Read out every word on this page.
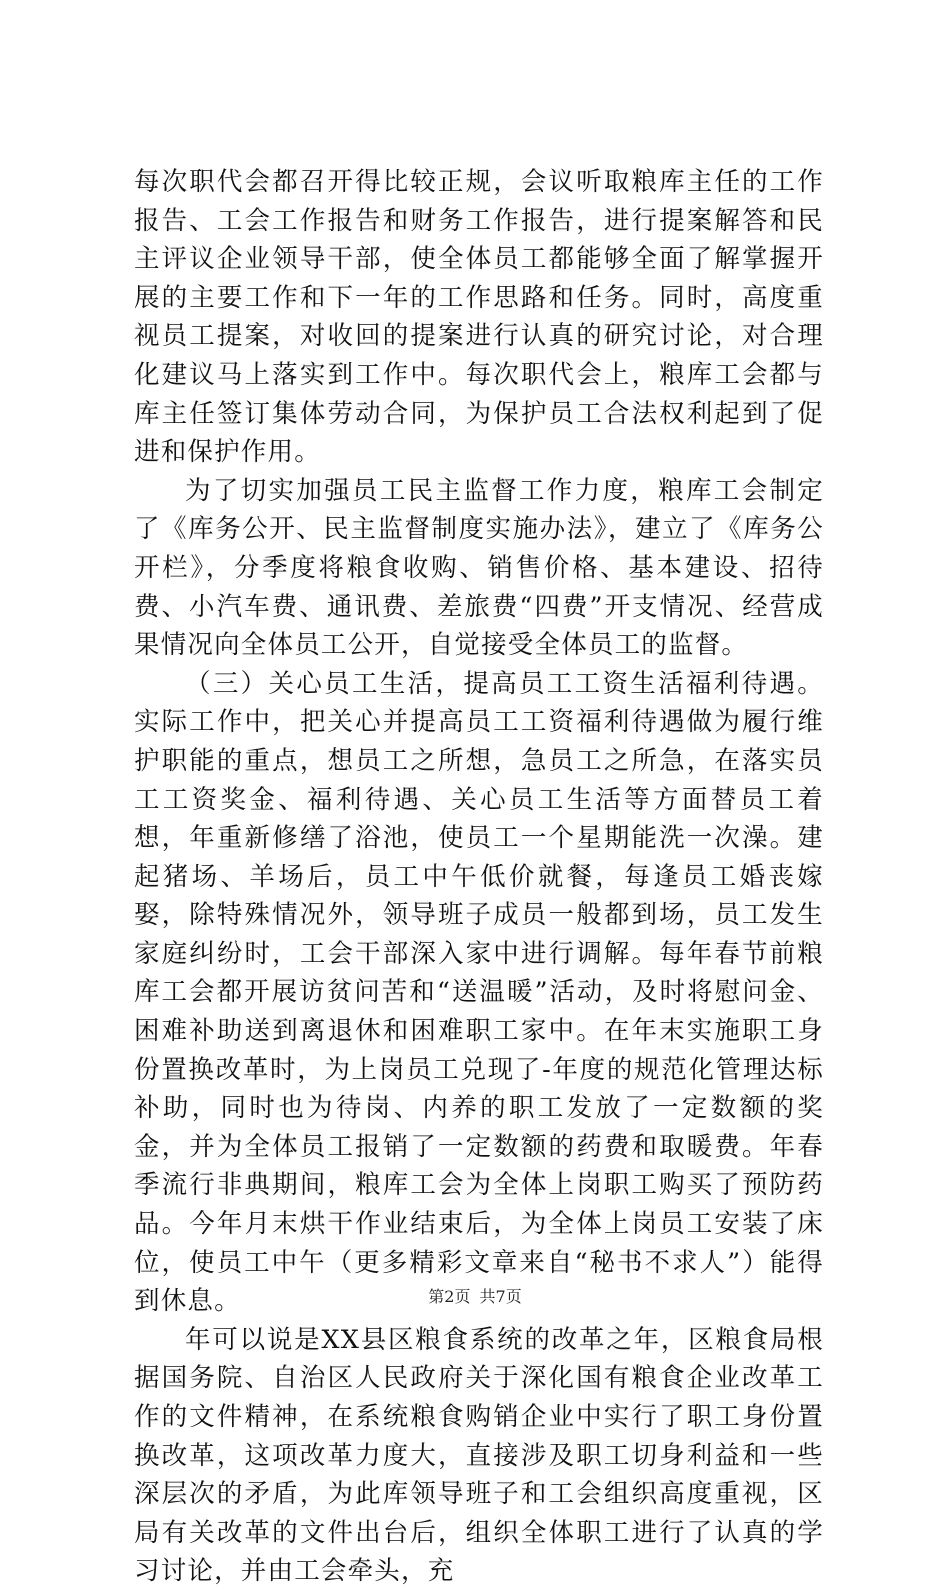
每次职代会都召开得比较正规，会议听取粮库主任的工作报告、工会工作报告和财务工作报告，进行提案解答和民主评议企业领导干部，使全体员工都能够全面了解掌握开展的主要工作和下一年的工作思路和任务。同时，高度重视员工提案，对收回的提案进行认真的研究讨论，对合理化建议马上落实到工作中。每次职代会上，粮库工会都与库主任签订集体劳动合同，为保护员工合法权利起到了促进和保护作用。

为了切实加强员工民主监督工作力度，粮库工会制定了《库务公开、民主监督制度实施办法》，建立了《库务公开栏》，分季度将粮食收购、销售价格、基本建设、招待费、小汽车费、通讯费、差旅费“四费”开支情况、经营成果情况向全体员工公开，自觉接受全体员工的监督。

（三）关心员工生活，提高员工工资生活福利待遇。实际工作中，把关心并提高员工工资福利待遇做为履行维护职能的重点，想员工之所想，急员工之所急，在落实员工工资奖金、福利待遇、关心员工生活等方面替员工着想，年重新修缮了浴池，使员工一个星期能洗一次澡。建起猪场、羊场后，员工中午低价就餐，每逢员工婚丧嫁娶，除特殊情况外，领导班子成员一般都到场，员工发生家庭纠纷时，工会干部深入家中进行调解。每年春节前粮库工会都开展访贫问苦和“送温暖”活动，及时将慰问金、困难补助送到离退休和困难职工家中。在年末实施职工身份置换改革时，为上岗员工兑现了-年度的规范化管理达标补助，同时也为待岗、内养的职工发放了一定数额的奖金，并为全体员工报销了一定数额的药费和取暖费。年春季流行非典期间，粮库工会为全体上岗职工购买了预防药品。今年月末烘干作业结束后，为全体上岗员工安装了床位，使员工中午（更多精彩文章来自“秘书不求人”）能得到休息。

年可以说是XX县区粮食系统的改革之年，区粮食局根据国务院、自治区人民政府关于深化国有粮食企业改革工作的文件精神，在系统粮食购销企业中实行了职工身份置换改革，这项改革力度大，直接涉及职工切身利益和一些深层次的矛盾，为此库领导班子和工会组织高度重视，区局有关改革的文件出台后，组织全体职工进行了认真的学习讨论，并由工会牵头，充

第2页 共7页
